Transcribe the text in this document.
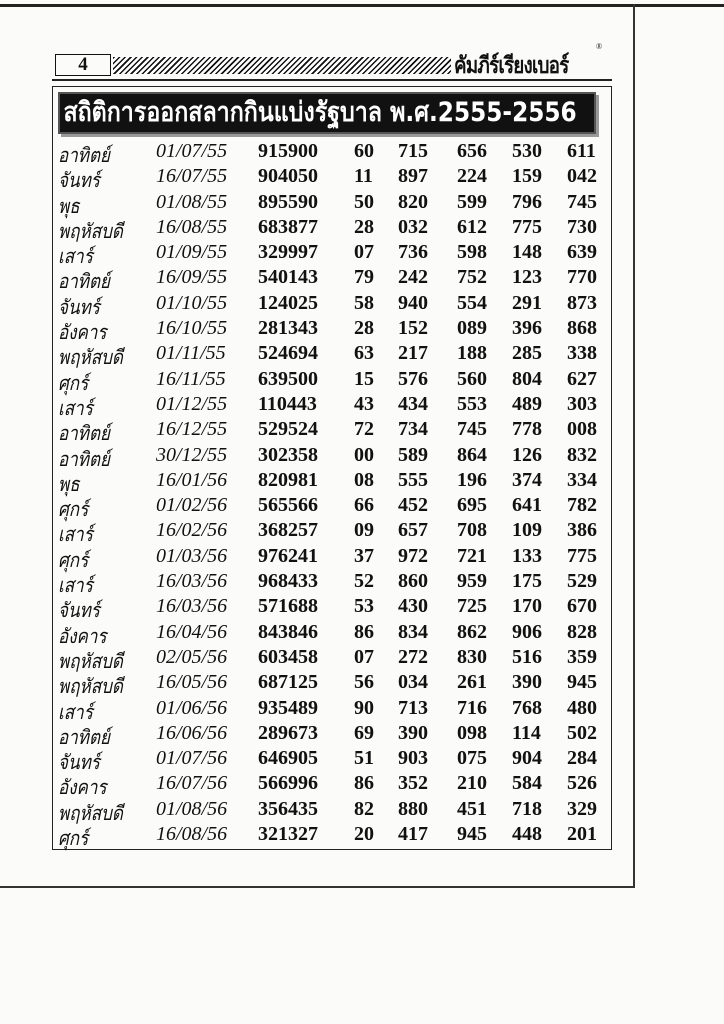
4	คัมภีร์เรียงเบอร์
®
สถิติการออกสลากกินแบ่งรัฐบาล พ.ศ.2555-2556
อาทิตย์ 01/07/55 915900 60 715 656 530 611
จันทร์	16/07/55 904050 11 897 224 159 042
พุธ	01/08/55 895590 50 820 599 796 745
พฤหัสบดี 16/08/55 683877 28 032 612 775 730
เสาร์	01/09/55 329997 07 736 598 148 639
อาทิตย์ 16/09/55 540143 79 242 752 123 770
จันทร์	01/10/55 124025 58 940 554 291 873
อังคาร 16/10/55 281343 28 152 089 396 868
พฤหัสบดี 01/11/55 524694 63 217 188 285 338
ศุกร์	16/11/55 639500 15 576 560 804 627
เสาร์	01/12/55 110443 43 434 553 489 303
อาทิตย์ 16/12/55 529524 72 734 745 778 008
อาทิตย์ 30/12/55 302358 00 589 864 126 832
พุธ	16/01/56 820981 08 555 196 374 334
ศุกร์	01/02/56 565566 66 452 695 641 782
เสาร์	16/02/56 368257 09 657 708 109 386
ศุกร์	01/03/56 976241 37 972 721 133 775
เสาร์	16/03/56 968433 52 860 959 175 529
จันทร์	16/03/56 571688 53 430 725 170 670
อังคาร 16/04/56 843846 86 834 862 906 828
พฤหัสบดี 02/05/56 603458 07 272 830 516 359
พฤหัสบดี 16/05/56 687125 56 034 261 390 945
เสาร์	01/06/56 935489 90 713 716 768 480
อาทิตย์ 16/06/56 289673 69 390 098 114 502
จันทร์	01/07/56 646905 51 903 075 904 284
อังคาร 16/07/56 566996 86 352 210 584 526
พฤหัสบดี 01/08/56 356435 82 880 451 718 329
ศุกร์	16/08/56 321327 20 417 945 448 201
